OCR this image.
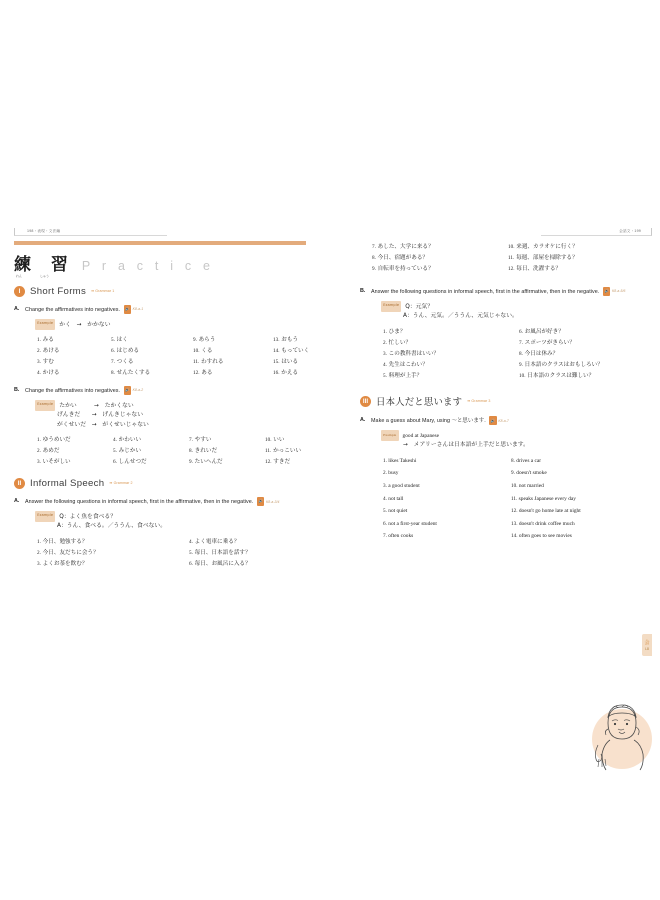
198・表現・文法編
練 習
れん	しゅう
P r a c t i c e
I	Short Forms ➡ Grammar 1
A. Change the affirmatives into negatives. 🔊 K8-a-1
Example かく　→　かかない
1. みる	5. はく	9. あらう	13. おもう
2. あける	6. はじめる	10. くる	14. もっていく
3. すむ	7. つくる	11. わすれる	15. はいる
4. かける	8. せんたくする	12. ある	16. かえる
B. Change the affirmatives into negatives. 🔊 K8-a-2
Example たかい　　　→　たかくない
げんきだ　　→　げんきじゃない
がくせいだ　→　がくせいじゃない
1. ゆうめいだ	4. かわいい	7. やすい	10. いい
2. あめだ	5. みじかい	8. きれいだ	11. かっこいい
3. いそがしい	6. しんせつだ	9. たいへんだ	12. すきだ
II Informal Speech ➡ Grammar 2
A. Answer the following questions in informal speech, first in the affirmative, then in the negative. 🔊 K8-a-3/4
Example Q：よく魚を食べる？
A：うん、食べる。／ううん、食べない。
1. 今日、勉強する？	4. よく電車に乗る？
2. 今日、友だちに会う？	5. 毎日、日本語を話す？
3. よくお茶を飲む？	6. 毎日、お風呂に入る？
会話文・199
7. あした、大学に来る？	10. 来週、カラオケに行く？
8. 今日、宿題がある？	11. 毎週、部屋を掃除する？
9. 自転車を持っている？	12. 毎日、洗濯する？
B. Answer the following questions in informal speech, first in the affirmative, then in the negative. 🔊 K8-a-5/6
Example Q：元気？
A：うん、元気。／ううん、元気じゃない。
1. ひま？	6. お風呂が好き？
2. 忙しい？	7. スポーツがきらい？
3. この教科書はいい？	8. 今日は休み？
4. 先生はこわい？	9. 日本語のクラスはおもしろい？
5. 料理が上手？	10. 日本語のクラスは難しい？
III 日本人だと思います ➡ Grammar 3
A. Make a guess about Mary, using 〜と思います. 🔊 K8-a-7
Example good at Japanese
→　メアリーさんは日本語が上手だと思います。
1. likes Takeshi	8. drives a car
2. busy	9. doesn't smoke
3. a good student	10. not married
4. not tall	11. speaks Japanese every day
5. not quiet	12. doesn't go home late at night
6. not a first-year student	13. doesn't drink coffee much
7. often cooks	14. often goes to see movies
会
L8
